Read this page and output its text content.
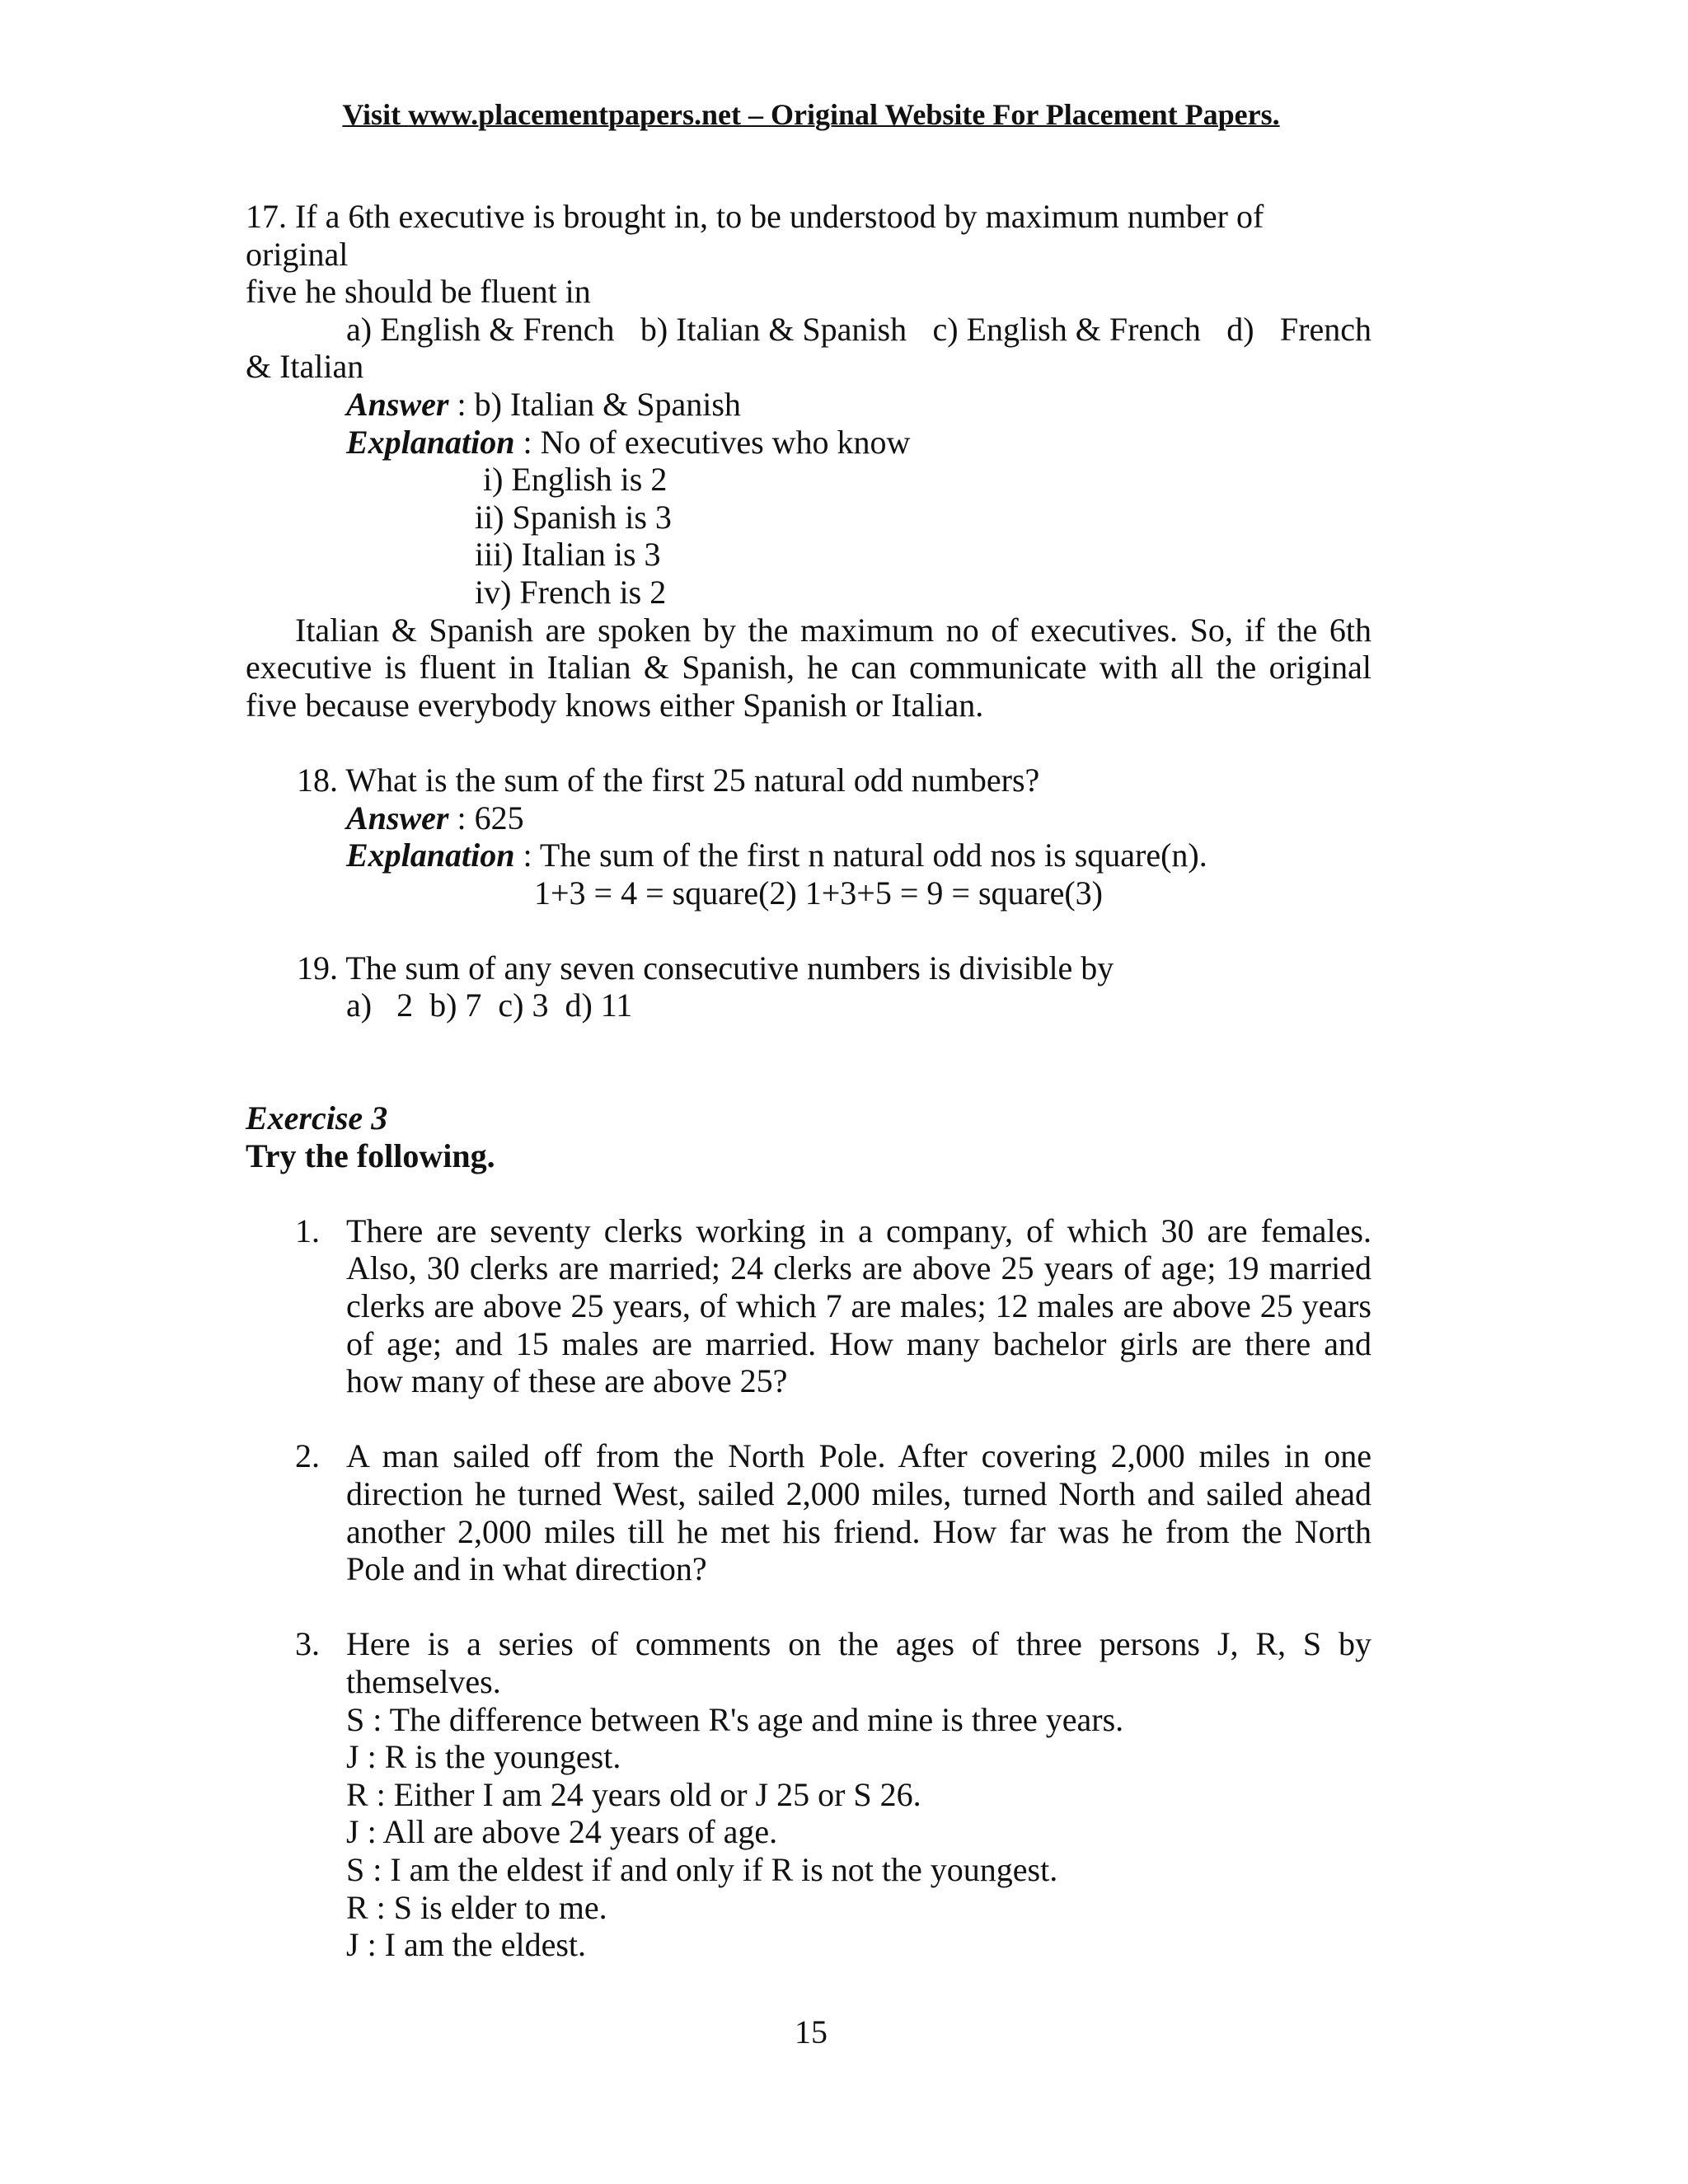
Visit www.placementpapers.net – Original Website For Placement Papers.

17. If a 6th executive is brought in, to be understood by maximum number of original

five he should be fluent in

a) English & French b) Italian & Spanish c) English & French d) French

& Italian

Answer : b) Italian & Spanish

Explanation : No of executives who know

i) English is 2

ii) Spanish is 3

iii) Italian is 3

iv) French is 2

Italian & Spanish are spoken by the maximum no of executives. So, if the 6th executive is fluent in Italian & Spanish, he can communicate with all the original five because everybody knows either Spanish or Italian.

18. What is the sum of the first 25 natural odd numbers?

Answer : 625

Explanation : The sum of the first n natural odd nos is square(n).

1+3 = 4 = square(2) 1+3+5 = 9 = square(3)

19. The sum of any seven consecutive numbers is divisible by

a)   2  b) 7  c) 3  d) 11

Exercise 3

Try the following.

1. There are seventy clerks working in a company, of which 30 are females. Also, 30 clerks are married; 24 clerks are above 25 years of age; 19 married clerks are above 25 years, of which 7 are males; 12 males are above 25 years of age; and 15 males are married. How many bachelor girls are there and how many of these are above 25?

2. A man sailed off from the North Pole. After covering 2,000 miles in one direction he turned West, sailed 2,000 miles, turned North and sailed ahead another 2,000 miles till he met his friend. How far was he from the North Pole and in what direction?

3. Here is a series of comments on the ages of three persons J, R, S by themselves.

S : The difference between R's age and mine is three years.

J : R is the youngest.

R : Either I am 24 years old or J 25 or S 26.

J : All are above 24 years of age.

S : I am the eldest if and only if R is not the youngest.

R : S is elder to me.

J : I am the eldest.

15
